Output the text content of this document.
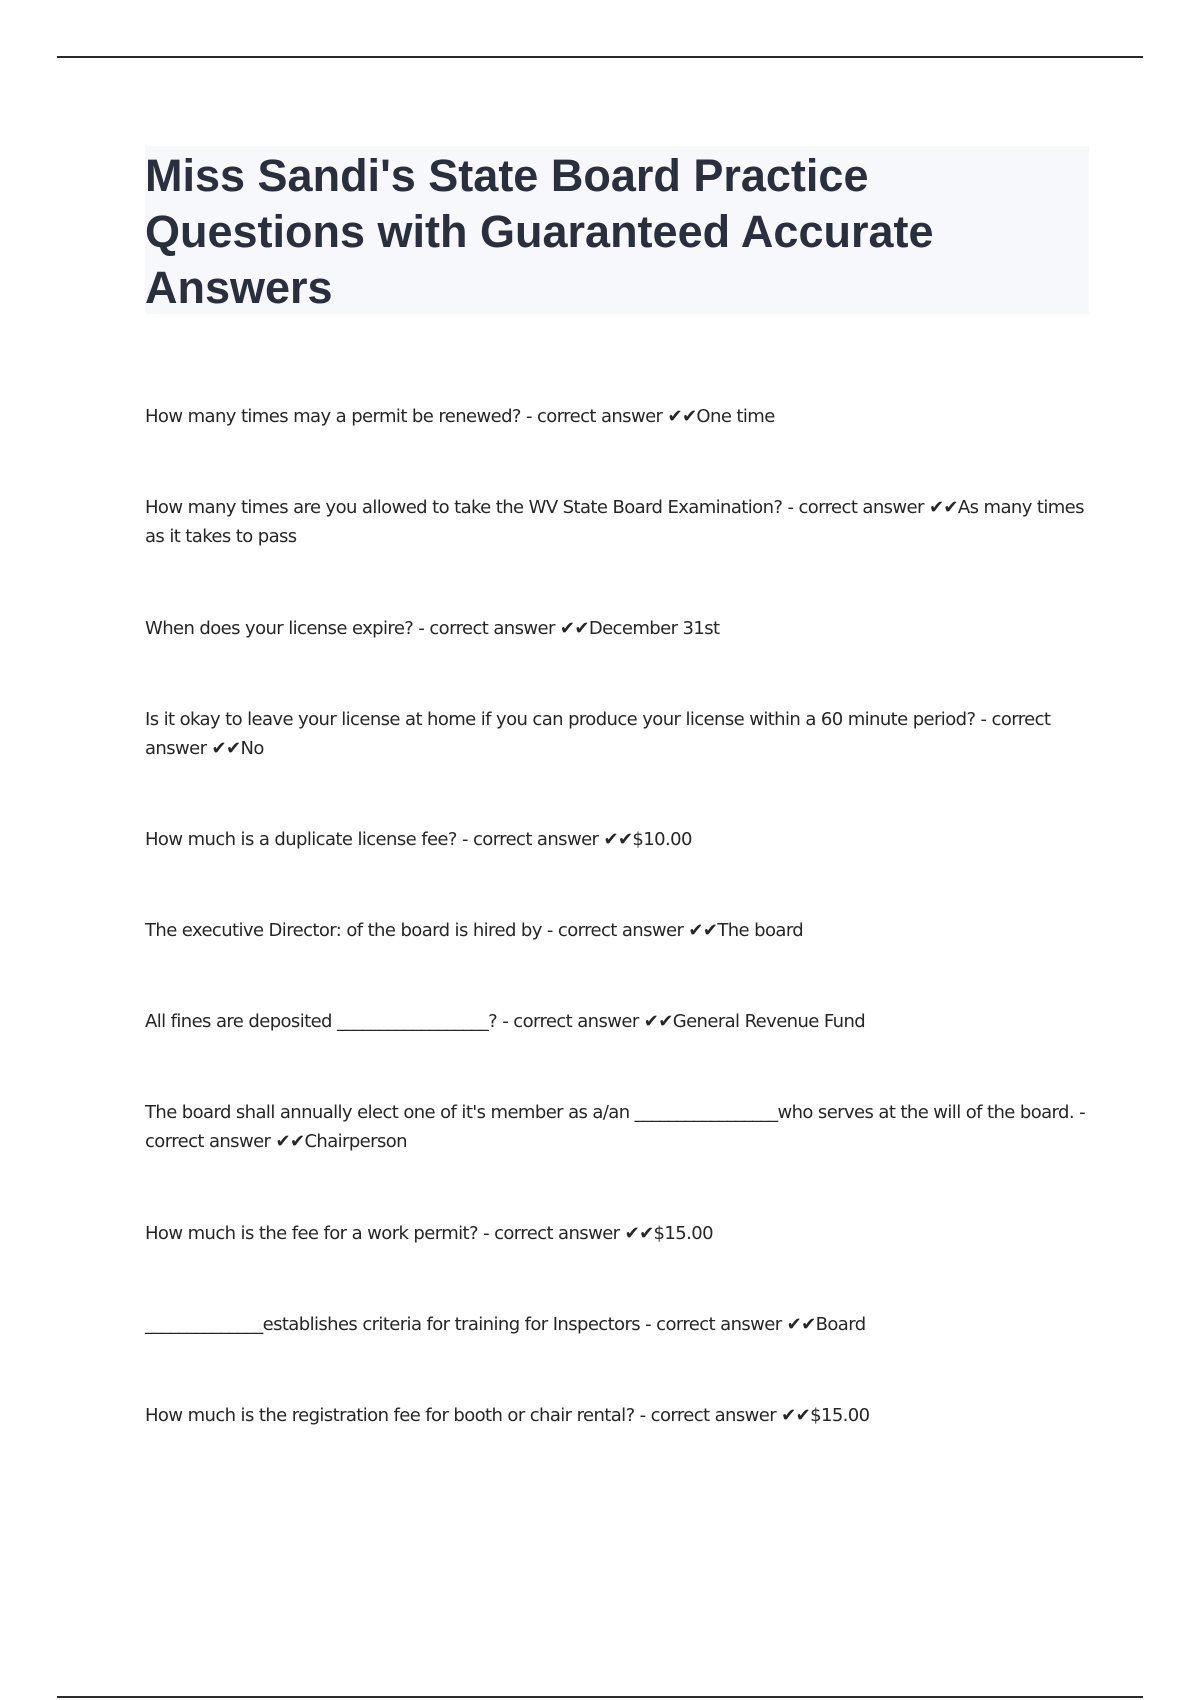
Miss Sandi's State Board Practice Questions with Guaranteed Accurate Answers
How many times may a permit be renewed? - correct answer ✔✔One time
How many times are you allowed to take the WV State Board Examination? - correct answer ✔✔As many times as it takes to pass
When does your license expire? - correct answer ✔✔December 31st
Is it okay to leave your license at home if you can produce your license within a 60 minute period? - correct answer ✔✔No
How much is a duplicate license fee? - correct answer ✔✔$10.00
The executive Director: of the board is hired by - correct answer ✔✔The board
All fines are deposited __________________? - correct answer ✔✔General Revenue Fund
The board shall annually elect one of it's member as a/an _________________who serves at the will of the board. - correct answer ✔✔Chairperson
How much is the fee for a work permit? - correct answer ✔✔$15.00
______________establishes criteria for training for Inspectors - correct answer ✔✔Board
How much is the registration fee for booth or chair rental? - correct answer ✔✔$15.00
